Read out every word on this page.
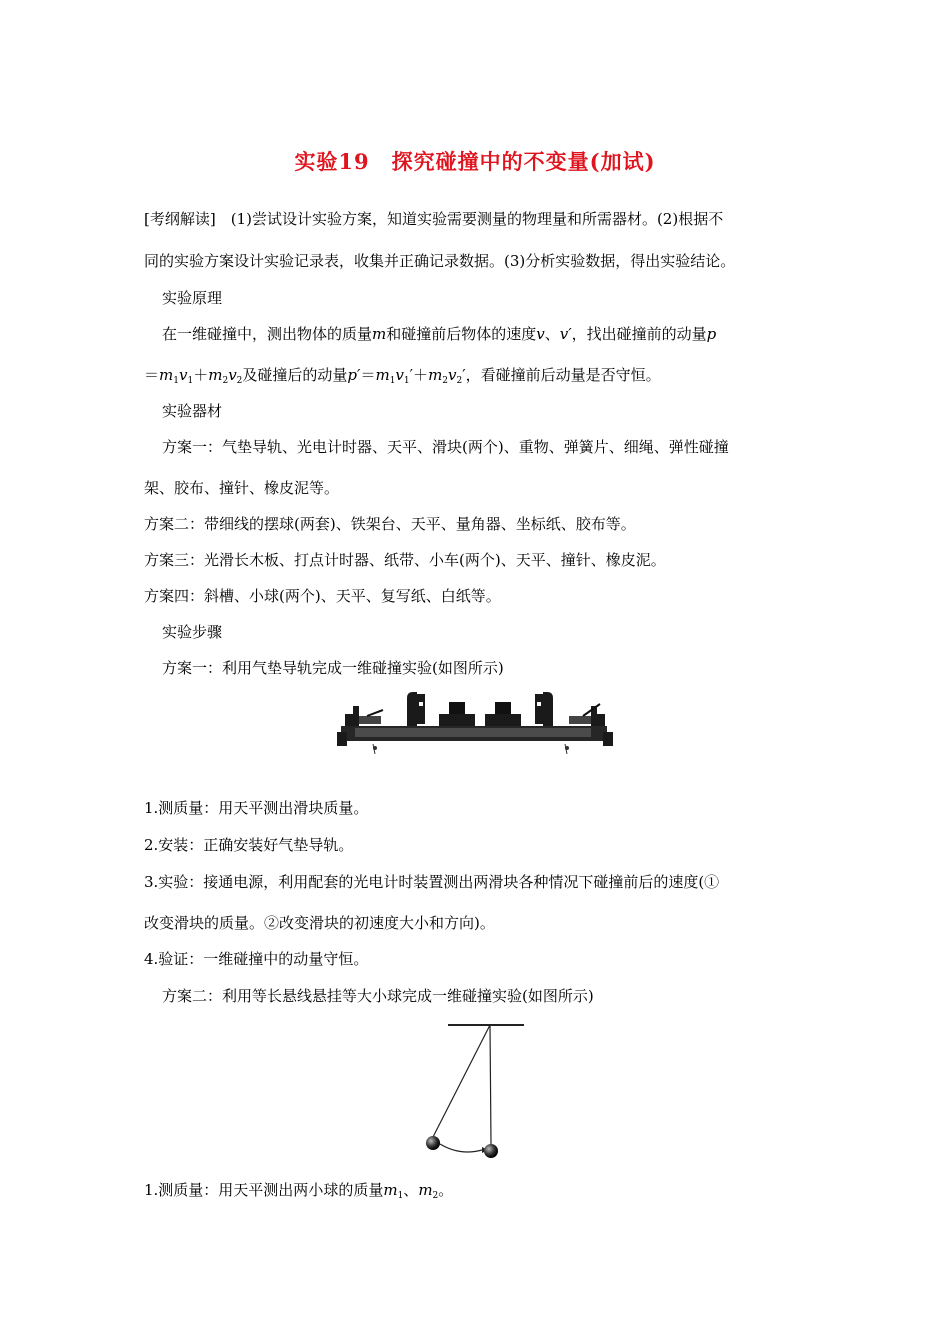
实验19　探究碰撞中的不变量(加试)
[考纲解读]　(1)尝试设计实验方案，知道实验需要测量的物理量和所需器材。(2)根据不
同的实验方案设计实验记录表，收集并正确记录数据。(3)分析实验数据，得出实验结论。
实验原理
在一维碰撞中，测出物体的质量m和碰撞前后物体的速度v、v′，找出碰撞前的动量p
$=m_1v_1+m_2v_2$及碰撞后的动量$p'=m_1v_1'+m_2v_2'$，看碰撞前后动量是否守恒。
实验器材
方案一：气垫导轨、光电计时器、天平、滑块(两个)、重物、弹簧片、细绳、弹性碰撞
架、胶布、撞针、橡皮泥等。
方案二：带细线的摆球(两套)、铁架台、天平、量角器、坐标纸、胶布等。
方案三：光滑长木板、打点计时器、纸带、小车(两个)、天平、撞针、橡皮泥。
方案四：斜槽、小球(两个)、天平、复写纸、白纸等。
实验步骤
方案一：利用气垫导轨完成一维碰撞实验(如图所示)
1.测质量：用天平测出滑块质量。
2.安装：正确安装好气垫导轨。
3.实验：接通电源，利用配套的光电计时装置测出两滑块各种情况下碰撞前后的速度(①
改变滑块的质量。②改变滑块的初速度大小和方向)。
4.验证：一维碰撞中的动量守恒。
方案二：利用等长悬线悬挂等大小球完成一维碰撞实验(如图所示)
1.测质量：用天平测出两小球的质量$m_1$、$m_2$。
